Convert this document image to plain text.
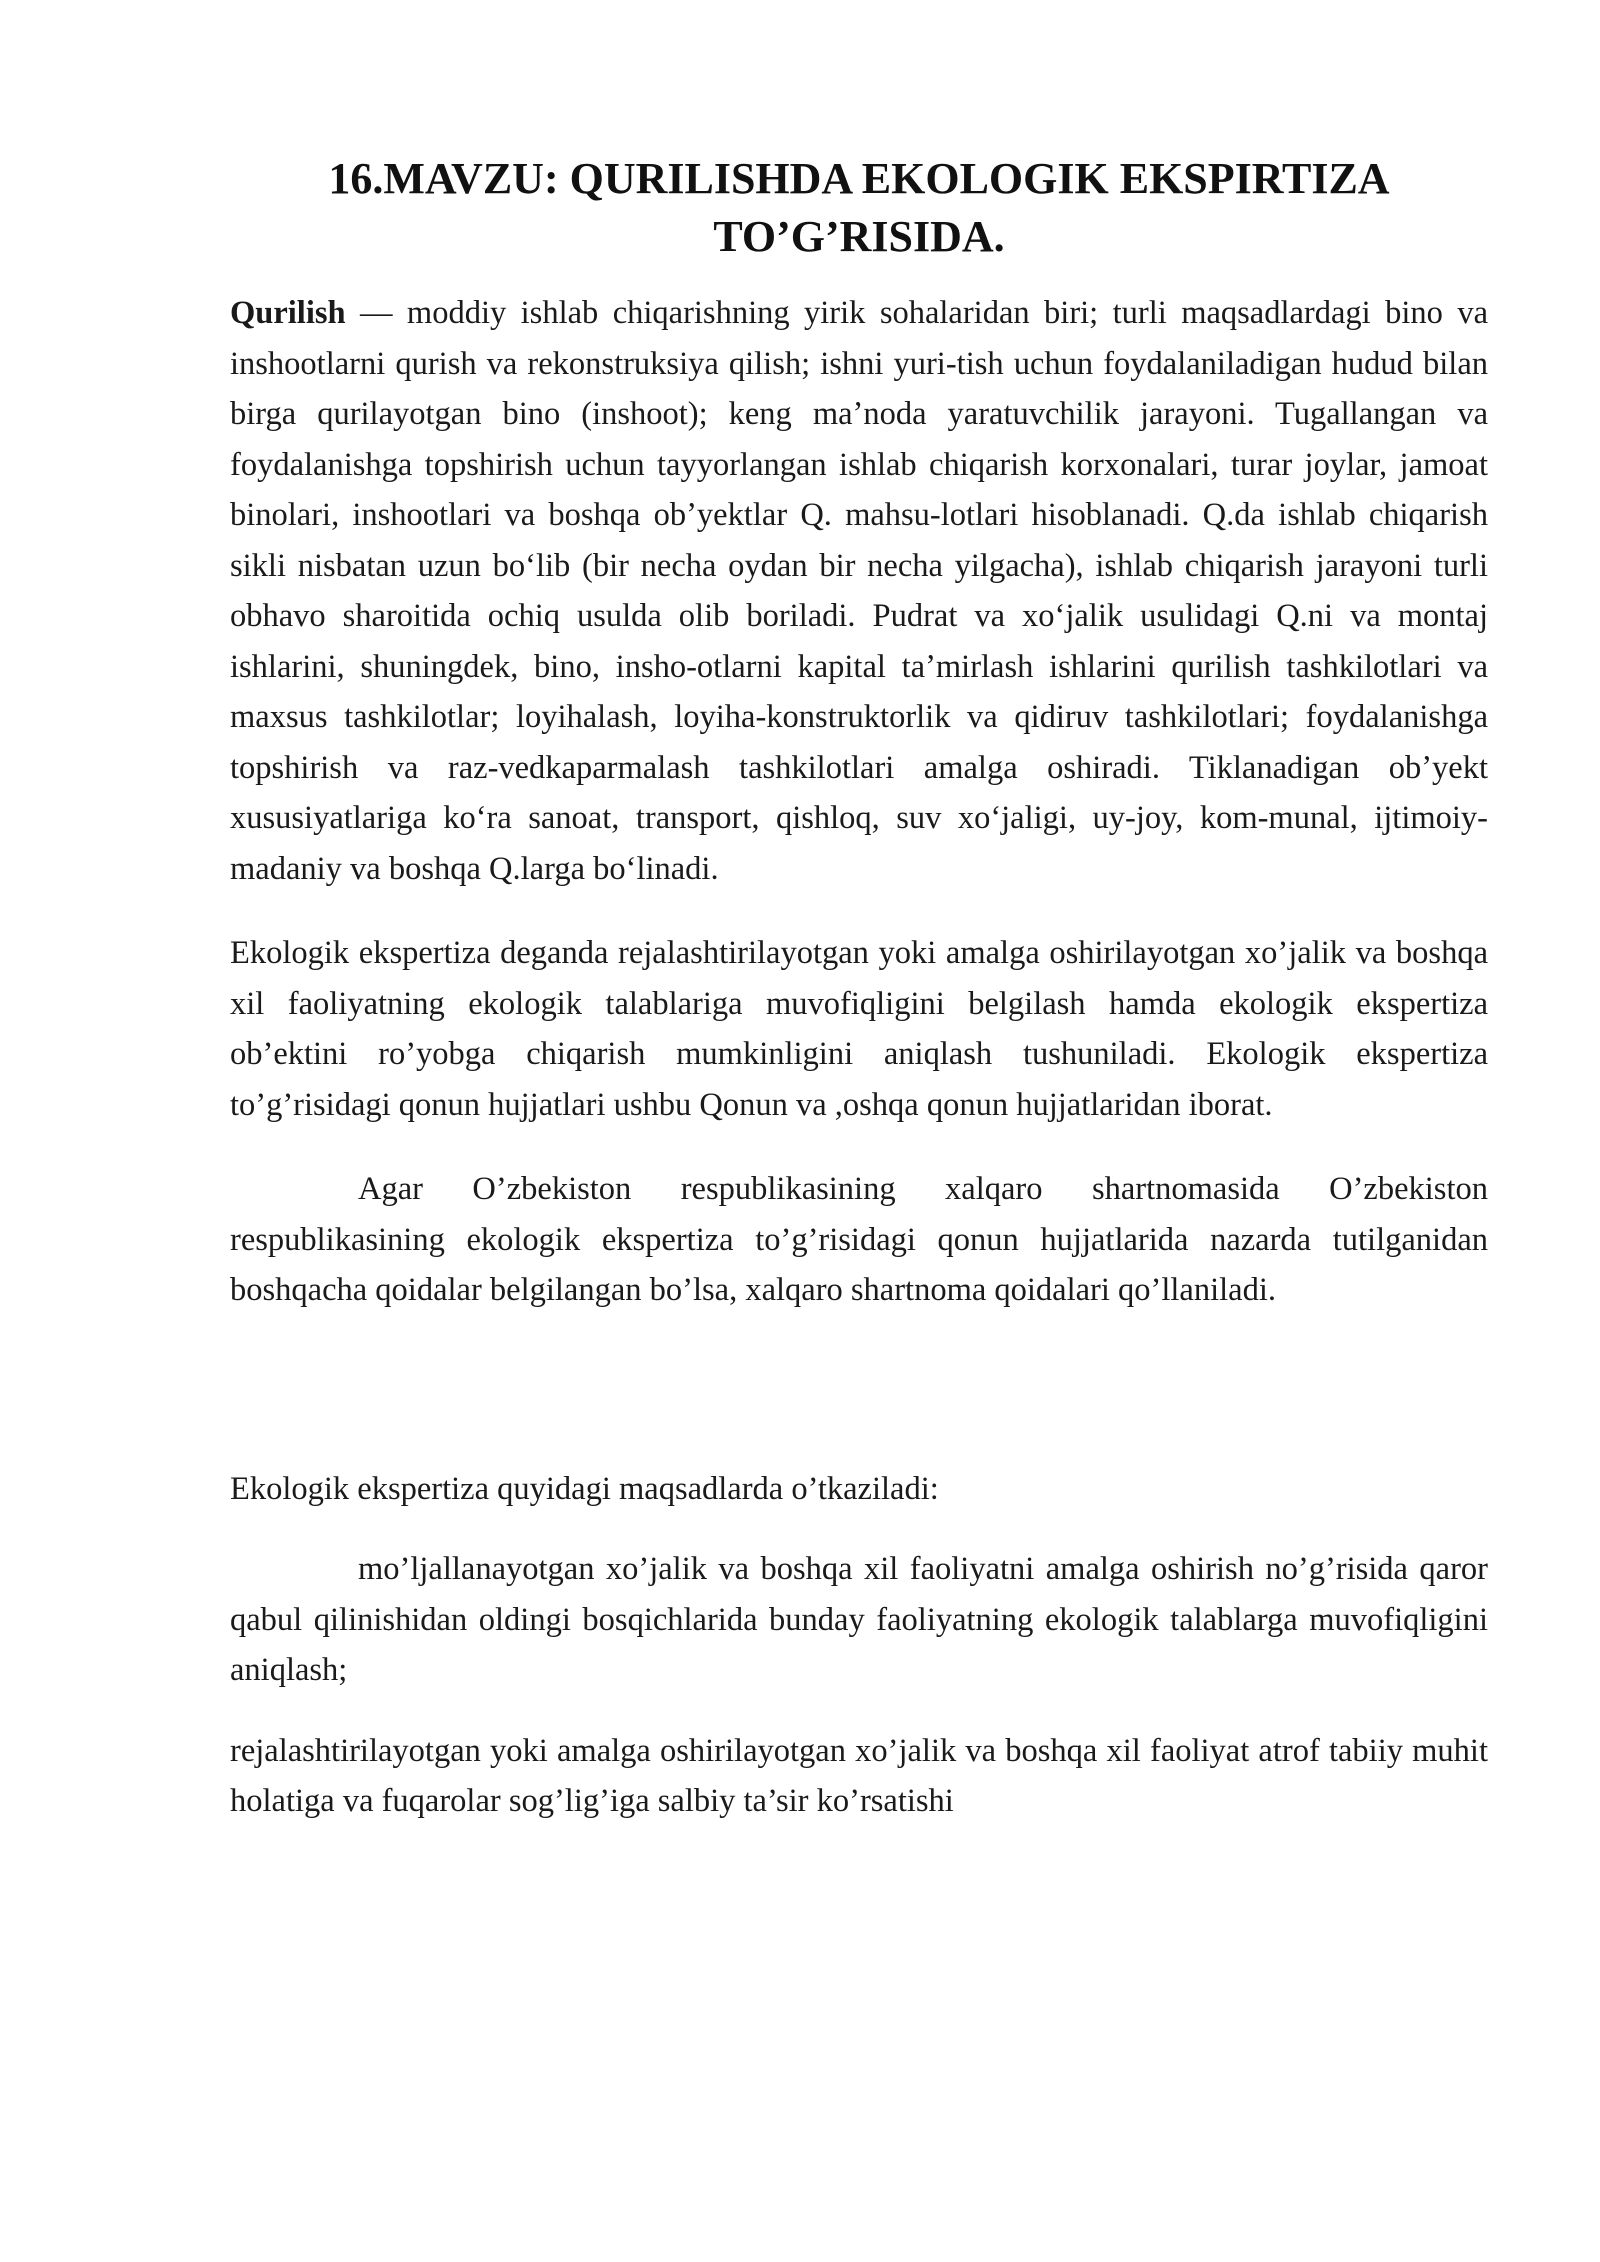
16.MAVZU: QURILISHDA EKOLOGIK EKSPIRTIZA
TO’G’RISIDA.

Qurilish — moddiy ishlab chiqarishning yirik sohalaridan biri; turli maqsadlardagi bino va inshootlarni qurish va rekonstruksiya qilish; ishni yuri-tish uchun foydalaniladigan hudud bilan birga qurilayotgan bino (inshoot); keng maʼnoda yaratuvchilik jarayoni. Tugallangan va foydalanishga topshirish uchun tayyorlangan ishlab chiqarish korxonalari, turar joylar, jamoat binolari, inshootlari va boshqa obʼyektlar Q. mahsu-lotlari hisoblanadi. Q.da ishlab chiqarish sikli nisbatan uzun boʻlib (bir necha oydan bir necha yilgacha), ishlab chiqarish jarayoni turli obhavo sharoitida ochiq usulda olib boriladi. Pudrat va xoʻjalik usulidagi Q.ni va montaj ishlarini, shuningdek, bino, insho-otlarni kapital taʼmirlash ishlarini qurilish tashkilotlari va maxsus tashkilotlar; loyihalash, loyiha-konstruktorlik va qidiruv tashkilotlari; foydalanishga topshirish va raz-vedkaparmalash tashkilotlari amalga oshiradi. Tiklanadigan obʼyekt xususiyatlariga koʻra sanoat, transport, qishloq, suv xoʻjaligi, uy-joy, kom-munal, ijtimoiy-madaniy va boshqa Q.larga boʻlinadi.

Ekologik ekspertiza deganda rejalashtirilayotgan yoki amalga oshirilayotgan xo’jalik va boshqa xil faoliyatning ekologik talablariga muvofiqligini belgilash hamda ekologik ekspertiza ob’ektini ro’yobga chiqarish mumkinligini aniqlash tushuniladi. Ekologik ekspertiza to’g’risidagi qonun hujjatlari ushbu Qonun va ,oshqa qonun hujjatlaridan iborat.

Agar O’zbekiston respublikasining xalqaro shartnomasida O’zbekiston respublikasining ekologik ekspertiza to’g’risidagi qonun hujjatlarida nazarda tutilganidan boshqacha qoidalar belgilangan bo’lsa, xalqaro shartnoma qoidalari qo’llaniladi.

Ekologik ekspertiza quyidagi maqsadlarda o’tkaziladi:

mo’ljallanayotgan xo’jalik va boshqa xil faoliyatni amalga oshirish no’g’risida qaror qabul qilinishidan oldingi bosqichlarida bunday faoliyatning ekologik talablarga muvofiqligini aniqlash;

rejalashtirilayotgan yoki amalga oshirilayotgan xo’jalik va boshqa xil faoliyat atrof tabiiy muhit holatiga va fuqarolar sog’lig’iga salbiy ta’sir ko’rsatishi
